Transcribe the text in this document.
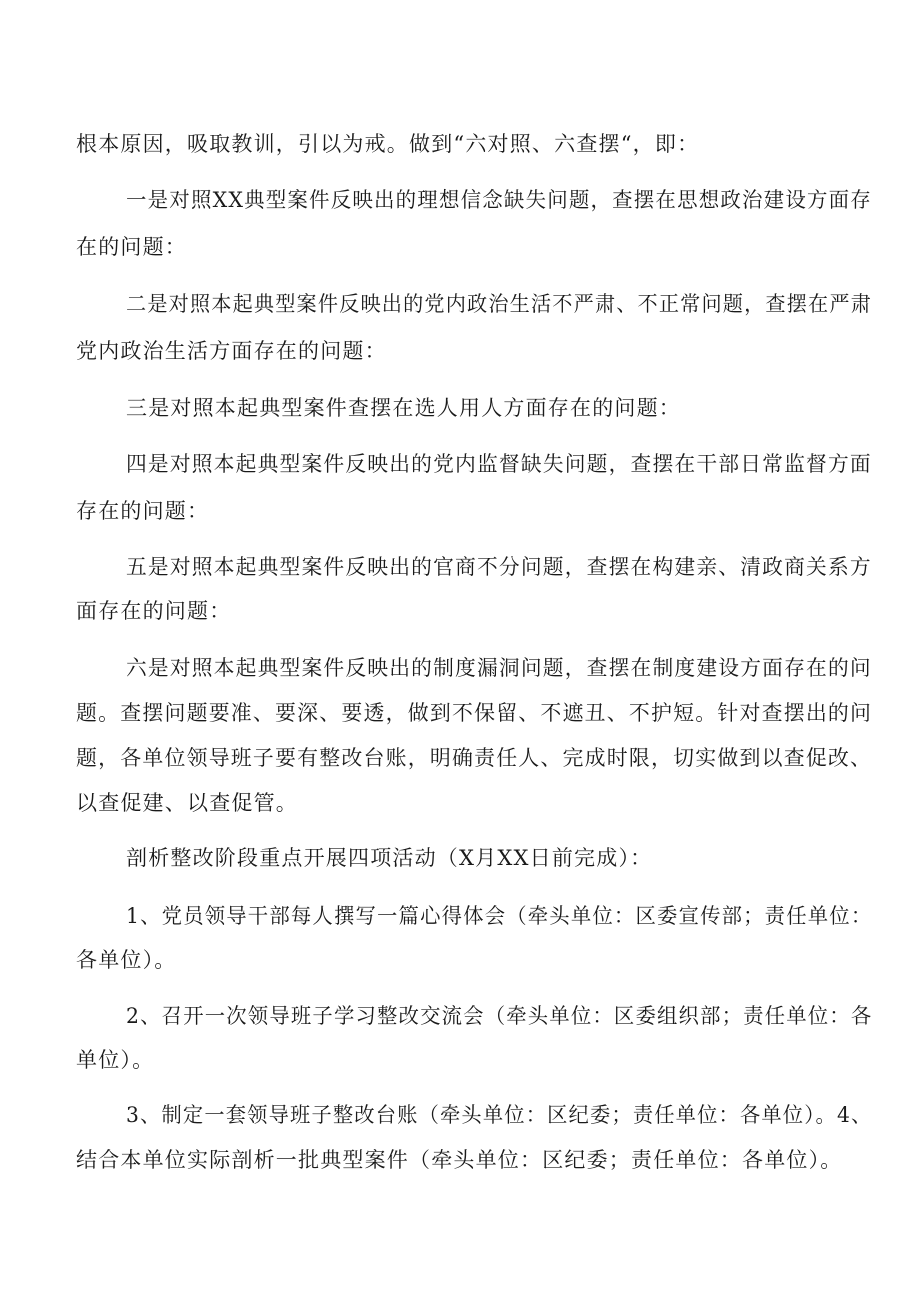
根本原因，吸取教训，引以为戒。做到“六对照、六查摆“，即：
一是对照XX典型案件反映出的理想信念缺失问题，查摆在思想政治建设方面存
在的问题：
二是对照本起典型案件反映出的党内政治生活不严肃、不正常问题，查摆在严肃
党内政治生活方面存在的问题：
三是对照本起典型案件查摆在选人用人方面存在的问题：
四是对照本起典型案件反映出的党内监督缺失问题，查摆在干部日常监督方面
存在的问题：
五是对照本起典型案件反映出的官商不分问题，查摆在构建亲、清政商关系方
面存在的问题：
六是对照本起典型案件反映出的制度漏洞问题，查摆在制度建设方面存在的问
题。查摆问题要准、要深、要透，做到不保留、不遮丑、不护短。针对查摆出的问
题，各单位领导班子要有整改台账，明确责任人、完成时限，切实做到以查促改、
以查促建、以查促管。
剖析整改阶段重点开展四项活动（X月XX日前完成）：
1、党员领导干部每人撰写一篇心得体会（牵头单位：区委宣传部；责任单位：
各单位）。
2、召开一次领导班子学习整改交流会（牵头单位：区委组织部；责任单位：各
单位）。
3、制定一套领导班子整改台账（牵头单位：区纪委；责任单位：各单位）。4、
结合本单位实际剖析一批典型案件（牵头单位：区纪委；责任单位：各单位）。
